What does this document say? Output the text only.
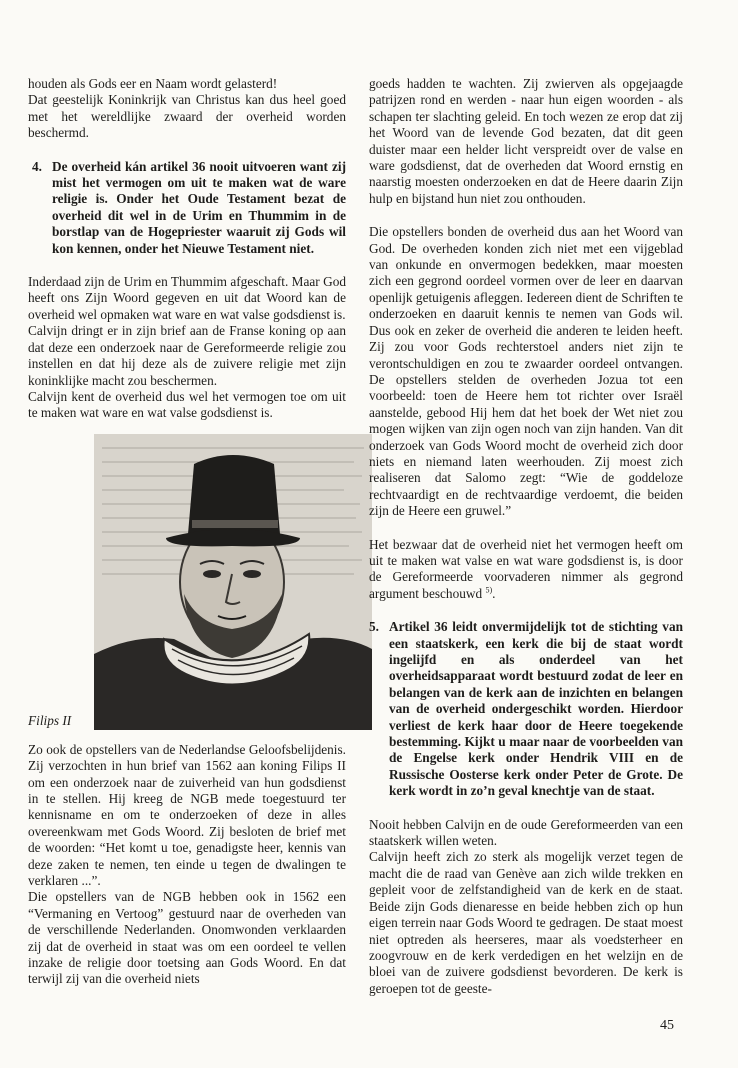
houden als Gods eer en Naam wordt gelasterd!

Dat geestelijk Koninkrijk van Christus kan dus heel goed met het wereldlijke zwaard der overheid worden beschermd.

4. De overheid kán artikel 36 nooit uitvoeren want zij mist het vermogen om uit te maken wat de ware religie is. Onder het Oude Testament bezat de overheid dit wel in de Urim en Thummim in de borstlap van de Hogepriester waaruit zij Gods wil kon kennen, onder het Nieuwe Testament niet.

Inderdaad zijn de Urim en Thummim afgeschaft. Maar God heeft ons Zijn Woord gegeven en uit dat Woord kan de overheid wel opmaken wat ware en wat valse godsdienst is.

Calvijn dringt er in zijn brief aan de Franse koning op aan dat deze een onderzoek naar de Gereformeerde religie zou instellen en dat hij deze als de zuivere religie met zijn koninklijke macht zou beschermen.

Calvijn kent de overheid dus wel het vermogen toe om uit te maken wat ware en wat valse godsdienst is.

Filips II

Zo ook de opstellers van de Nederlandse Geloofsbelijdenis. Zij verzochten in hun brief van 1562 aan koning Filips II om een onderzoek naar de zuiverheid van hun godsdienst in te stellen. Hij kreeg de NGB mede toegestuurd ter kennisname en om te onderzoeken of deze in alles overeenkwam met Gods Woord. Zij besloten de brief met de woorden: “Het komt u toe, genadigste heer, kennis van deze zaken te nemen, ten einde u tegen de dwalingen te verklaren ...”.

Die opstellers van de NGB hebben ook in 1562 een “Vermaning en Vertoog” gestuurd naar de overheden van de verschillende Nederlanden. Onomwonden verklaarden zij dat de overheid in staat was om een oordeel te vellen inzake de religie door toetsing aan Gods Woord. En dat terwijl zij van die overheid niets

goeds hadden te wachten. Zij zwierven als opgejaagde patrijzen rond en werden - naar hun eigen woorden - als schapen ter slachting geleid. En toch wezen ze erop dat zij het Woord van de levende God bezaten, dat dit geen duister maar een helder licht verspreidt over de valse en ware godsdienst, dat de overheden dat Woord ernstig en naarstig moesten onderzoeken en dat de Heere daarin Zijn hulp en bijstand hun niet zou onthouden.

Die opstellers bonden de overheid dus aan het Woord van God. De overheden konden zich niet met een vijgeblad van onkunde en onvermogen bedekken, maar moesten zich een gegrond oordeel vormen over de leer en daarvan openlijk getuigenis afleggen. Iedereen dient de Schriften te onderzoeken en daaruit kennis te nemen van Gods wil. Dus ook en zeker de overheid die anderen te leiden heeft. Zij zou voor Gods rechterstoel anders niet zijn te verontschuldigen en zou te zwaarder oordeel ontvangen. De opstellers stelden de overheden Jozua tot een voorbeeld: toen de Heere hem tot richter over Israël aanstelde, gebood Hij hem dat het boek der Wet niet zou mogen wijken van zijn ogen noch van zijn handen. Van dit onderzoek van Gods Woord mocht de overheid zich door niets en niemand laten weerhouden. Zij moest zich realiseren dat Salomo zegt: “Wie de goddeloze rechtvaardigt en de rechtvaardige verdoemt, die beiden zijn de Heere een gruwel.”

Het bezwaar dat de overheid niet het vermogen heeft om uit te maken wat valse en wat ware godsdienst is, is door de Gereformeerde voorvaderen nimmer als gegrond argument beschouwd $^{5)}$.

5. Artikel 36 leidt onvermijdelijk tot de stichting van een staatskerk, een kerk die bij de staat wordt ingelijfd en als onderdeel van het overheidsapparaat wordt bestuurd zodat de leer en belangen van de kerk aan de inzichten en belangen van de overheid ondergeschikt worden. Hierdoor verliest de kerk haar door de Heere toegekende bestemming. Kijkt u maar naar de voorbeelden van de Engelse kerk onder Hendrik VIII en de Russische Oosterse kerk onder Peter de Grote. De kerk wordt in zo’n geval knechtje van de staat.

Nooit hebben Calvijn en de oude Gereformeerden van een staatskerk willen weten.

Calvijn heeft zich zo sterk als mogelijk verzet tegen de macht die de raad van Genève aan zich wilde trekken en gepleit voor de zelfstandigheid van de kerk en de staat. Beide zijn Gods dienaresse en beide hebben zich op hun eigen terrein naar Gods Woord te gedragen. De staat moest niet optreden als heerseres, maar als voedsterheer en zoogvrouw en de kerk verdedigen en het welzijn en de bloei van de zuivere godsdienst bevorderen. De kerk is geroepen tot de geeste-

45
